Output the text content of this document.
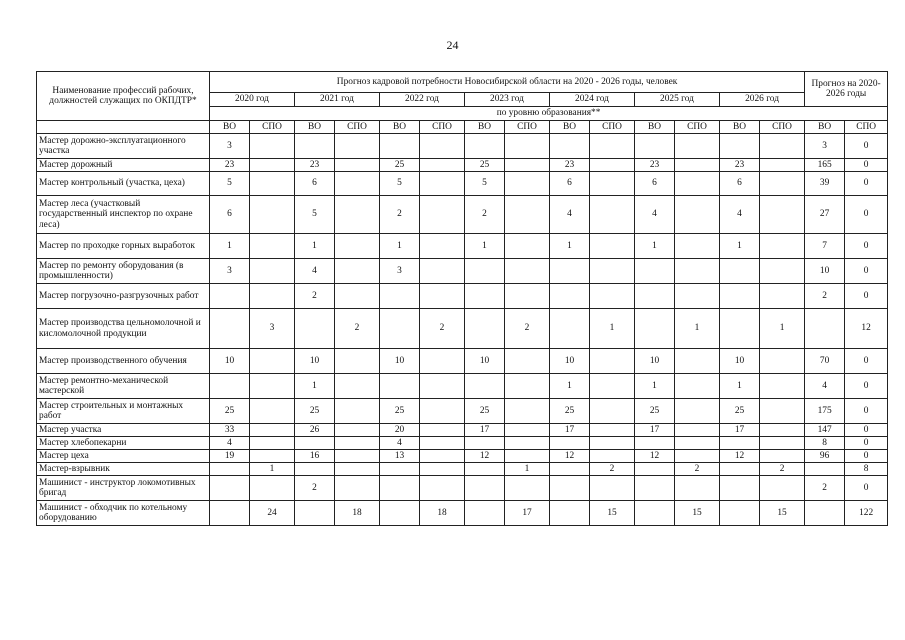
24
Наименование профессий рабочих, должностей служащих по ОКПДТР*	Прогноз кадровой потребности Новосибирской области на 2020 - 2026 годы, человек														Прогноз на 2020-2026 годы	
	2020 год		2021 год		2022 год		2023 год		2024 год		2025 год		2026 год			
	по уровню образования**															
	ВО	СПО	ВО	СПО	ВО	СПО	ВО	СПО	ВО	СПО	ВО	СПО	ВО	СПО	ВО	СПО
Мастер дорожно-эксплуатационного участка	3														3	0
Мастер дорожный	23		23		25		25		23		23		23		165	0
Мастер контрольный (участка, цеха)	5		6		5		5		6		6		6		39	0
Мастер леса (участковый государственный инспектор по охране леса)	6		5		2		2		4		4		4		27	0
Мастер по проходке горных выработок	1		1		1		1		1		1		1		7	0
Мастер по ремонту оборудования (в промышленности)	3		4		3										10	0
Мастер погрузочно-разгрузочных работ			2												2	0
Мастер производства цельномолочной и кисломолочной продукции		3		2		2		2		1		1		1		12
Мастер производственного обучения	10		10		10		10		10		10		10		70	0
Мастер ремонтно-механической мастерской			1						1		1		1		4	0
Мастер строительных и монтажных работ	25		25		25		25		25		25		25		175	0
Мастер участка	33		26		20		17		17		17		17		147	0
Мастер хлебопекарни	4				4										8	0
Мастер цеха	19		16		13		12		12		12		12		96	0
Мастер-взрывник		1						1		2		2		2		8
Машинист - инструктор локомотивных бригад			2												2	0
Машинист - обходчик по котельному оборудованию		24		18		18		17		15		15		15		122
